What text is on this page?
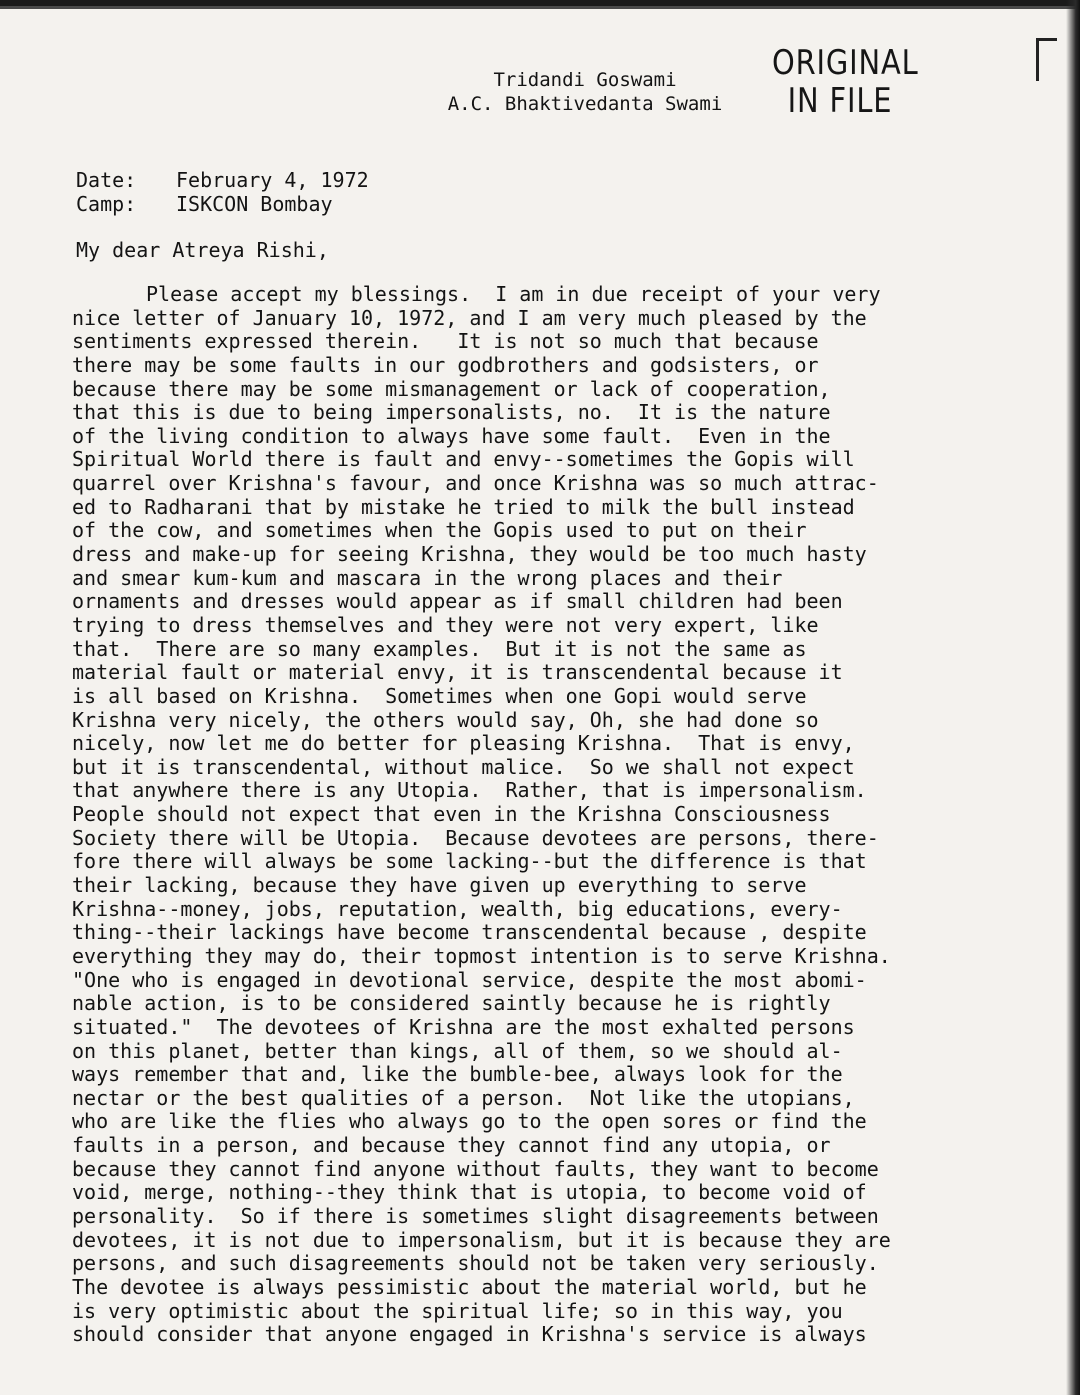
Tridandi Goswami
A.C. Bhaktivedanta Swami
ORIGINAL
IN FILE
Date:	February 4, 1972
Camp:	ISKCON Bombay
My dear Atreya Rishi,
Please accept my blessings.  I am in due receipt of your very
nice letter of January 10, 1972, and I am very much pleased by the
sentiments expressed therein.   It is not so much that because
there may be some faults in our godbrothers and godsisters, or
because there may be some mismanagement or lack of cooperation,
that this is due to being impersonalists, no.  It is the nature
of the living condition to always have some fault.  Even in the
Spiritual World there is fault and envy--sometimes the Gopis will
quarrel over Krishna's favour, and once Krishna was so much attrac-
ed to Radharani that by mistake he tried to milk the bull instead
of the cow, and sometimes when the Gopis used to put on their
dress and make-up for seeing Krishna, they would be too much hasty
and smear kum-kum and mascara in the wrong places and their
ornaments and dresses would appear as if small children had been
trying to dress themselves and they were not very expert, like
that.  There are so many examples.  But it is not the same as
material fault or material envy, it is transcendental because it
is all based on Krishna.  Sometimes when one Gopi would serve
Krishna very nicely, the others would say, Oh, she had done so
nicely, now let me do better for pleasing Krishna.  That is envy,
but it is transcendental, without malice.  So we shall not expect
that anywhere there is any Utopia.  Rather, that is impersonalism.
People should not expect that even in the Krishna Consciousness
Society there will be Utopia.  Because devotees are persons, there-
fore there will always be some lacking--but the difference is that
their lacking, because they have given up everything to serve
Krishna--money, jobs, reputation, wealth, big educations, every-
thing--their lackings have become transcendental because , despite
everything they may do, their topmost intention is to serve Krishna.
"One who is engaged in devotional service, despite the most abomi-
nable action, is to be considered saintly because he is rightly
situated."  The devotees of Krishna are the most exhalted persons
on this planet, better than kings, all of them, so we should al-
ways remember that and, like the bumble-bee, always look for the
nectar or the best qualities of a person.  Not like the utopians,
who are like the flies who always go to the open sores or find the
faults in a person, and because they cannot find any utopia, or
because they cannot find anyone without faults, they want to become
void, merge, nothing--they think that is utopia, to become void of
personality.  So if there is sometimes slight disagreements between
devotees, it is not due to impersonalism, but it is because they are
persons, and such disagreements should not be taken very seriously.
The devotee is always pessimistic about the material world, but he
is very optimistic about the spiritual life; so in this way, you
should consider that anyone engaged in Krishna's service is always
